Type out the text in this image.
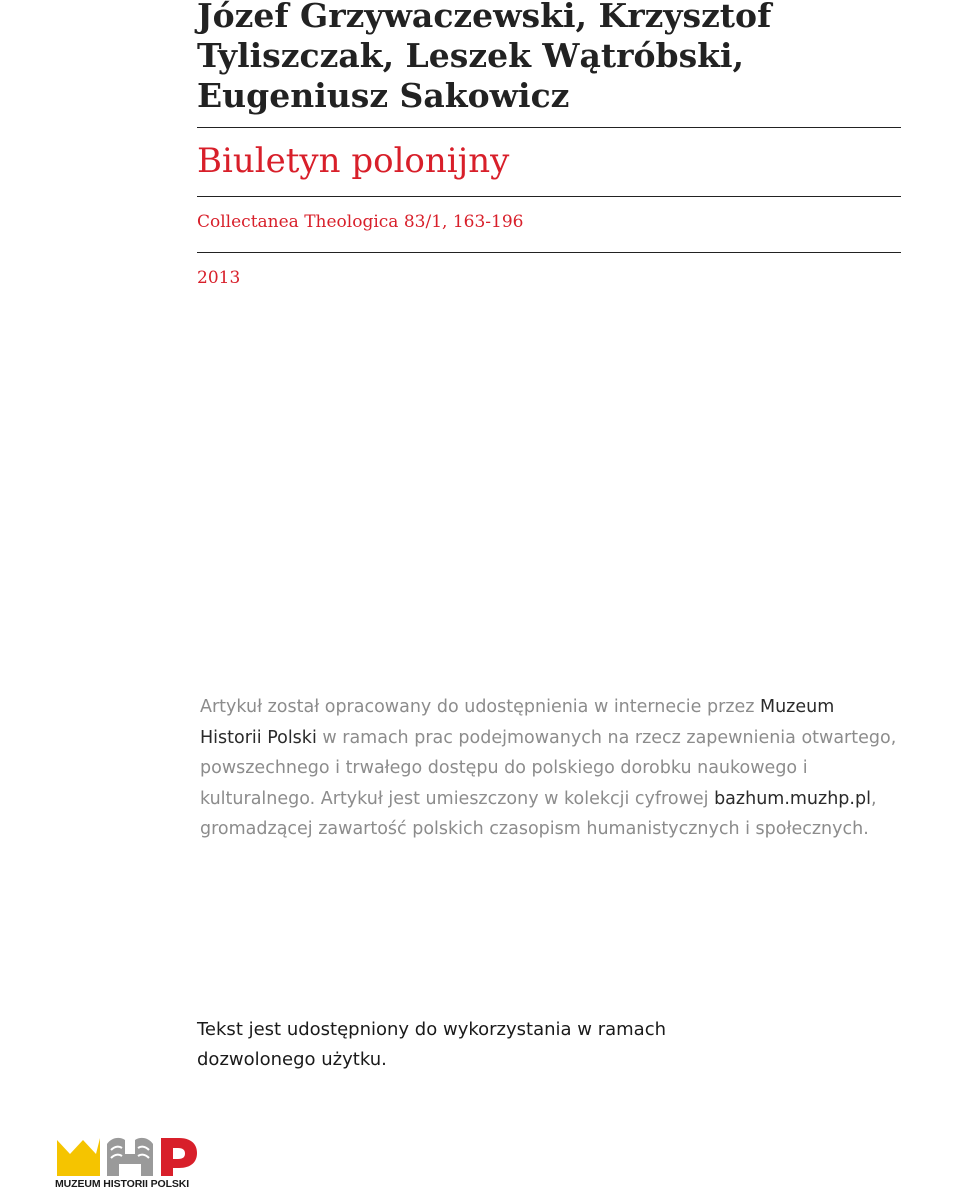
Józef Grzywaczewski, Krzysztof Tyliszczak, Leszek Wątróbski, Eugeniusz Sakowicz
Biuletyn polonijny
Collectanea Theologica 83/1, 163-196
2013

Artykuł został opracowany do udostępnienia w internecie przez Muzeum Historii Polski w ramach prac podejmowanych na rzecz zapewnienia otwartego, powszechnego i trwałego dostępu do polskiego dorobku naukowego i kulturalnego. Artykuł jest umieszczony w kolekcji cyfrowej bazhum.muzhp.pl, gromadzącej zawartość polskich czasopism humanistycznych i społecznych.

Tekst jest udostępniony do wykorzystania w ramach dozwolonego użytku.

MUZEUM HISTORII POLSKI
